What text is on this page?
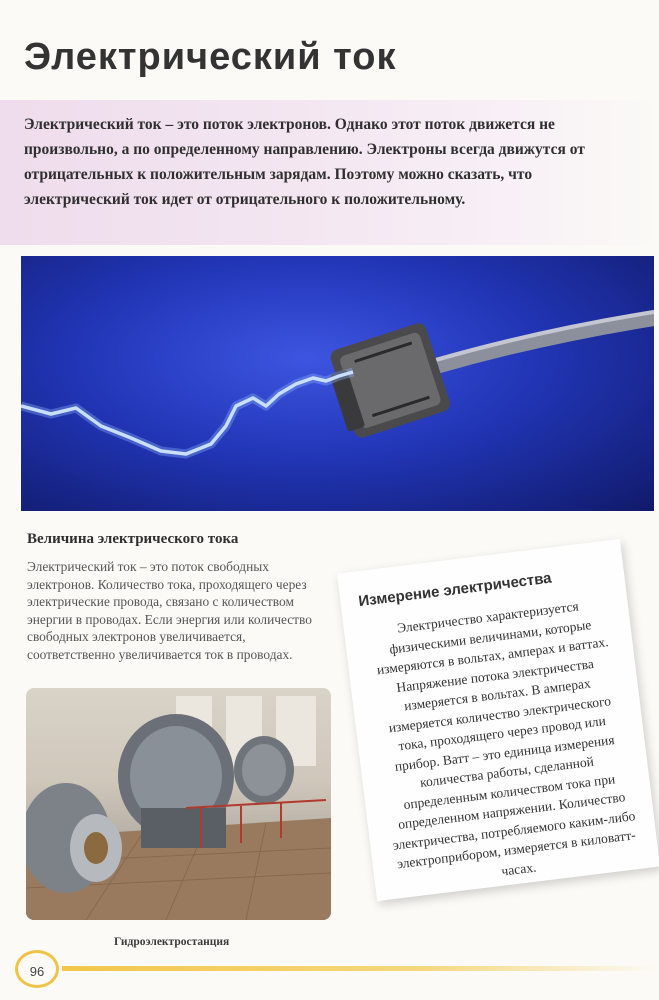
Электрический ток

Электрический ток – это поток электронов. Однако этот поток движется не произвольно, а по определенному направлению. Электроны всегда движутся от отрицательных к положительным зарядам. Поэтому можно сказать, что электрический ток идет от отрицательного к положительному.

Величина электрического тока

Электрический ток – это поток свободных электронов. Количество тока, проходящего через электрические провода, связано с количеством энергии в проводах. Если энергия или количество свободных электронов увеличивается, соответственно увеличивается ток в проводах.

Гидроэлектростанция

Измерение электричества

Электричество характеризуется физическими величинами, которые измеряются в вольтах, амперах и ваттах. Напряжение потока электричества измеряется в вольтах. В амперах измеряется количество электрического тока, проходящего через провод или прибор. Ватт – это единица измерения количества работы, сделанной определенным количеством тока при определенном напряжении. Количество электричества, потребляемого каким-либо электроприбором, измеряется в киловатт-часах.

96
